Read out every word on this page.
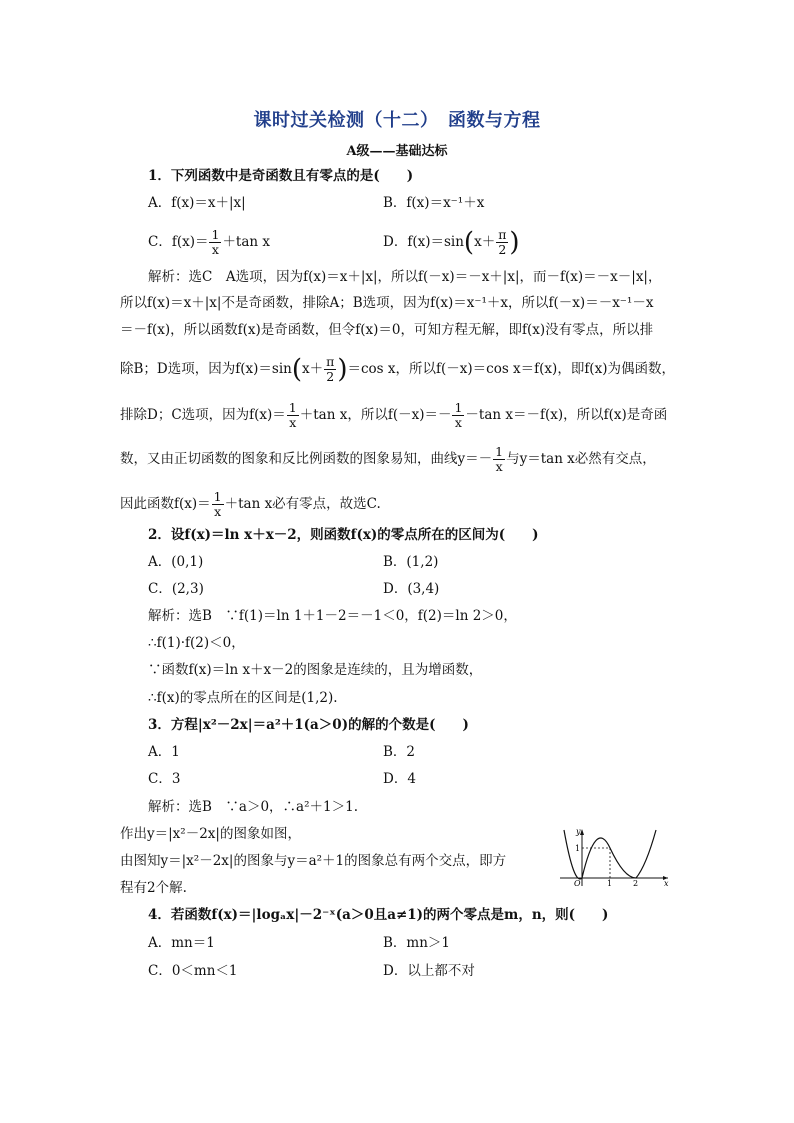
课时过关检测（十二）　函数与方程
A级——基础达标
1．下列函数中是奇函数且有零点的是(　　)
A．f(x)＝x＋|x|	B．f(x)＝x⁻¹＋x
C．$f(x)= \frac{1}{x} +\tan$ x	D．$f(x)=\sin(x+ \frac{\pi}{2}$ )
解析：选C　A选项，因为f(x)＝x＋|x|，所以f(－x)＝－x＋|x|，而－f(x)＝－x－|x|，
所以f(x)＝x＋|x|不是奇函数，排除A；B选项，因为f(x)＝x⁻¹＋x，所以f(－x)＝－x⁻¹－x
＝－f(x)，所以函数f(x)是奇函数，但令f(x)＝0，可知方程无解，即f(x)没有零点，所以排
除B；D选项，因为$f(x)=\sin(x+ \frac{\pi}{2} )=\cos$ x，所以f(－x)＝cos x＝f(x)，即f(x)为偶函数，
排除D；C选项，因为$f(x)= \frac{1}{x} +\tan$ x，所以$f(-x)=- \frac{1}{x} -\tan$ x＝－f(x)，所以f(x)是奇函
数，又由正切函数的图象和反比例函数的图象易知，曲线$y=- \frac{1}{x}$ 与y＝tan x必然有交点，
因此函数$f(x)= \frac{1}{x} +\tan$ x必有零点，故选C.
2．设f(x)＝ln x＋x－2，则函数f(x)的零点所在的区间为(　　)
A．(0,1)	B．(1,2)
C．(2,3)	D．(3,4)
解析：选B　∵f(1)＝ln 1＋1－2＝－1＜0，f(2)＝ln 2＞0，
∴f(1)·f(2)＜0，
∵函数f(x)＝ln x＋x－2的图象是连续的，且为增函数，
∴f(x)的零点所在的区间是(1,2).
3．方程|x²－2x|＝a²＋1(a＞0)的解的个数是(　　)
A．1	B．2
C．3	D．4
解析：选B　∵a＞0，∴a²＋1＞1.
作出y＝|x²－2x|的图象如图，
由图知y＝|x²－2x|的图象与y＝a²＋1的图象总有两个交点，即方
程有2个解.
y
x
O	1	2
1
4．若函数f(x)＝|logₐx|－2⁻ˣ(a＞0且a≠1)的两个零点是m，n，则(　　)
A．mn＝1	B．mn＞1
C．0＜mn＜1	D．以上都不对
